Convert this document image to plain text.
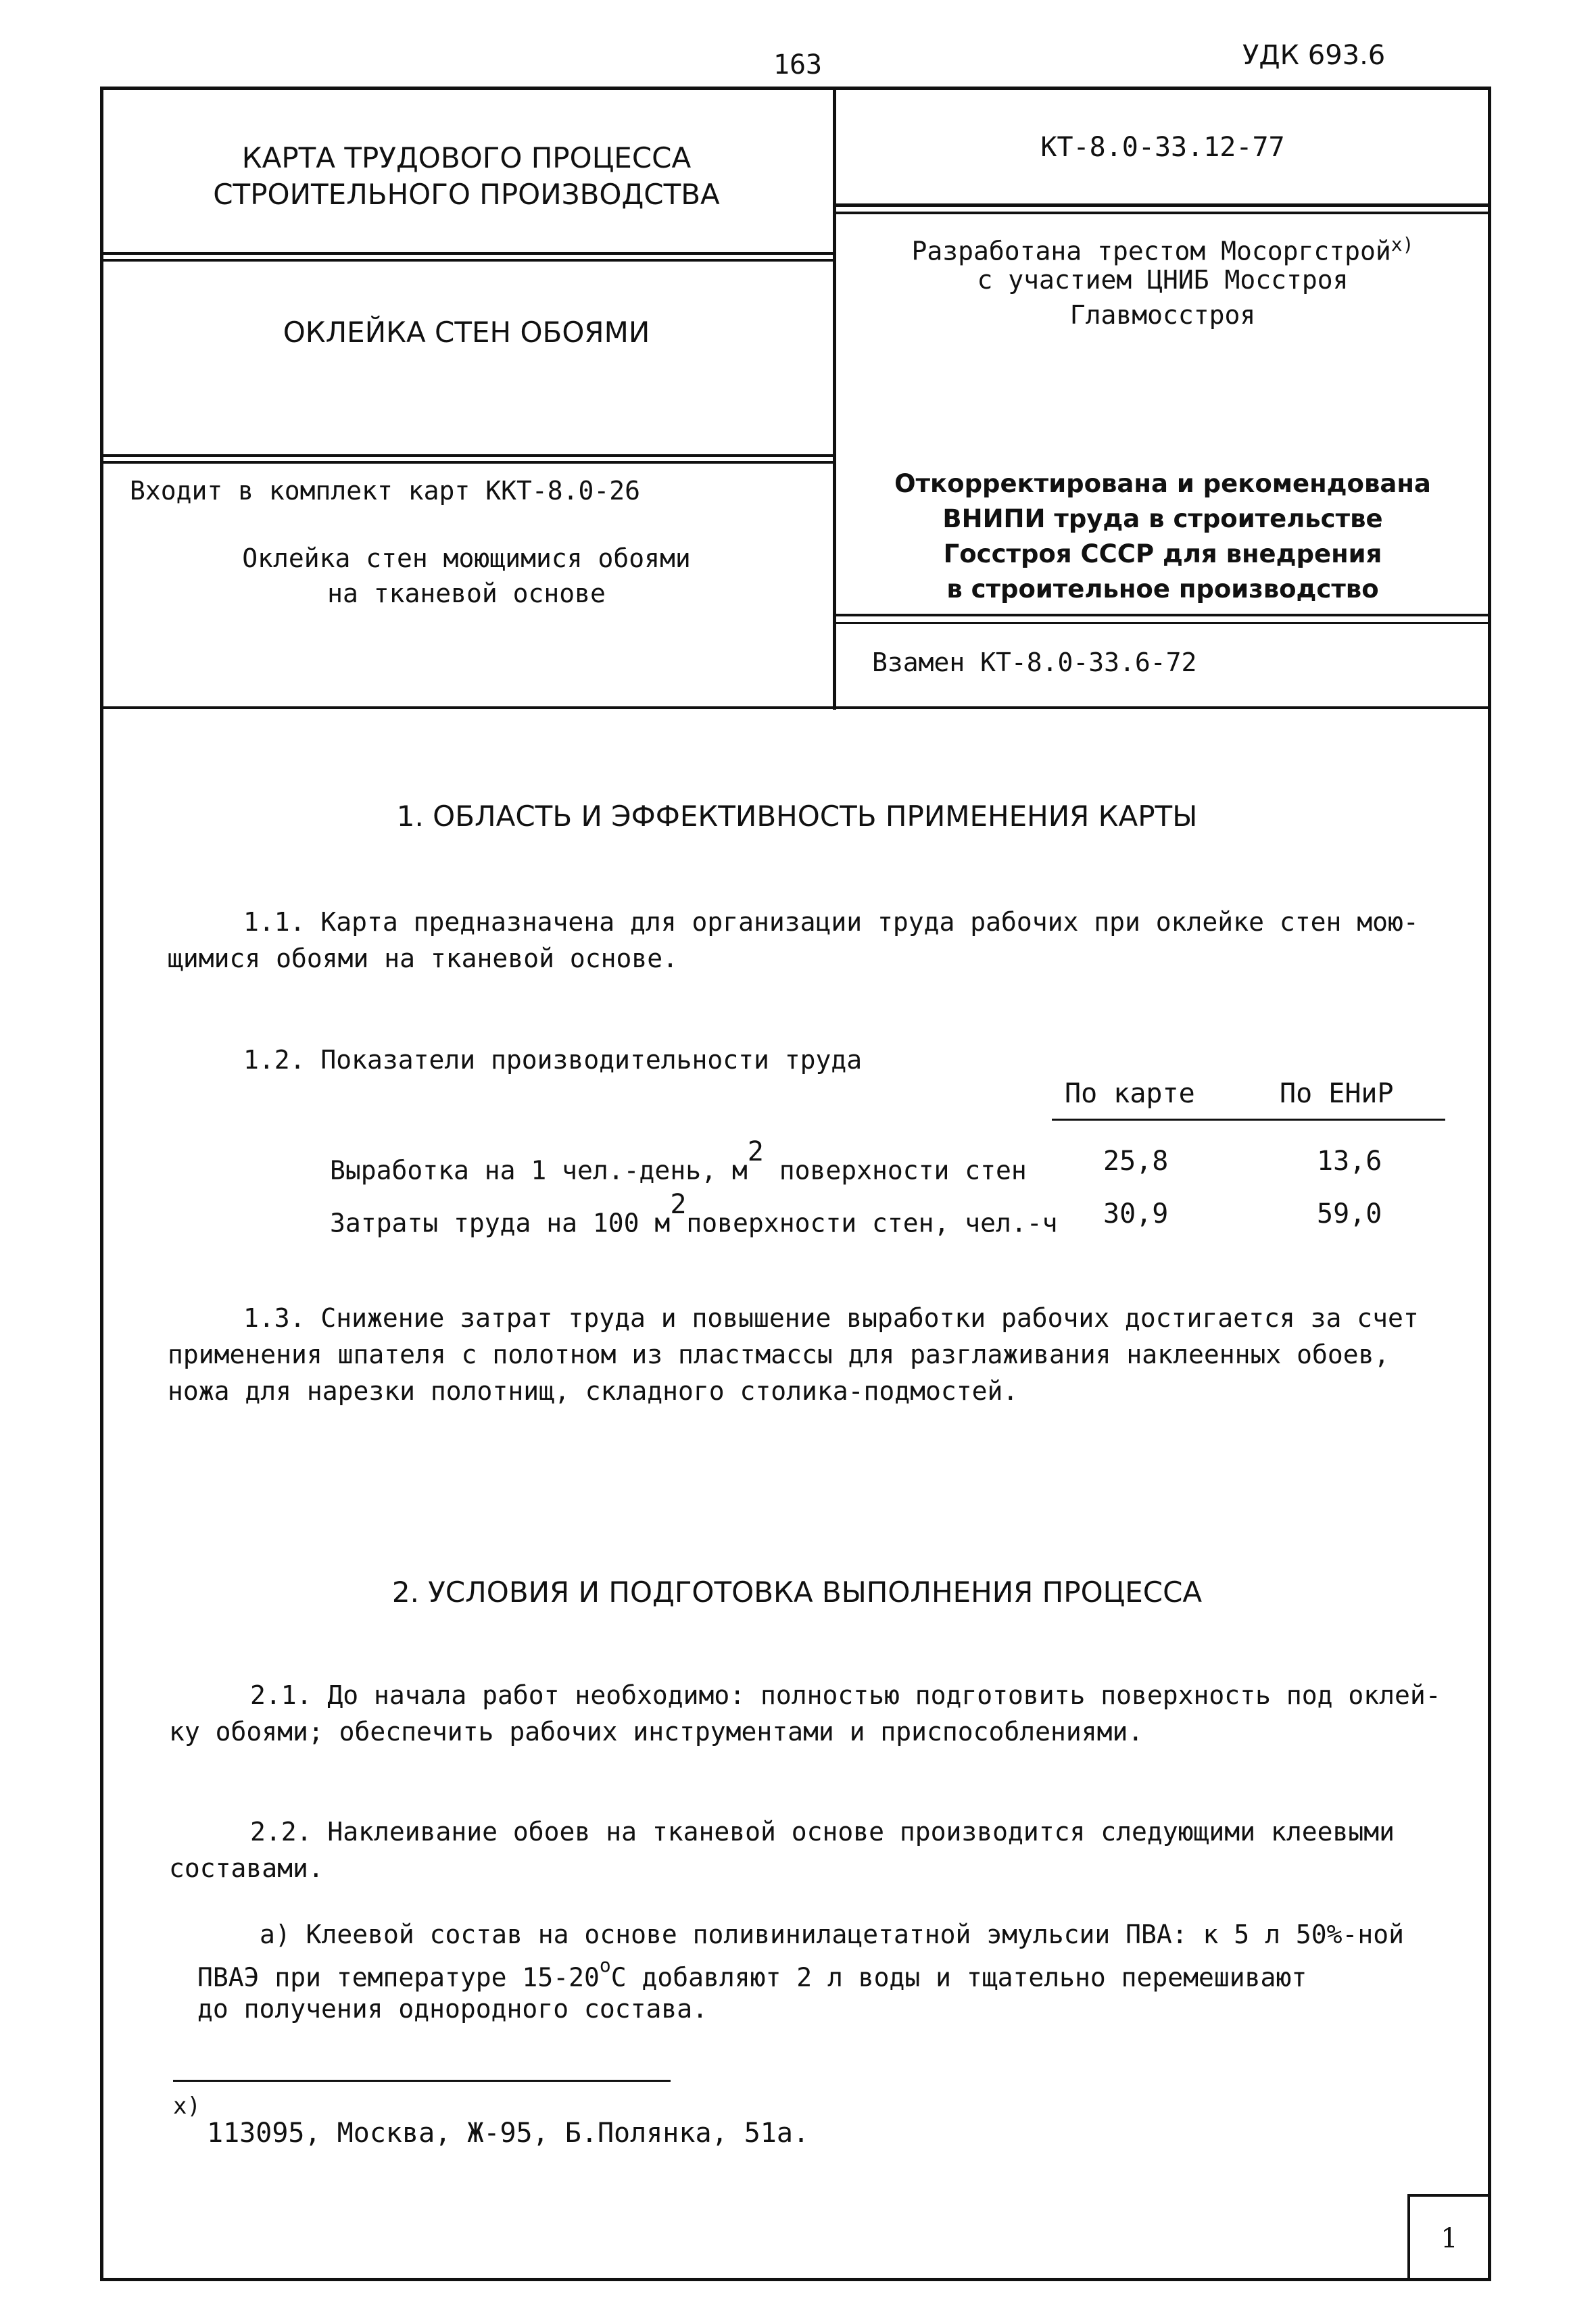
163	УДК 693.6
КАРТА ТРУДОВОГО ПРОЦЕССА
СТРОИТЕЛЬНОГО ПРОИЗВОДСТВА
ОКЛЕЙКА СТЕН ОБОЯМИ
Входит в комплект карт ККТ-8.0-26
Оклейка стен моющимися обоями
на тканевой основе
КТ-8.0-33.12-77
Разработана трестом Мосоргстрой$^{x)}$
с участием ЦНИБ Мосстроя
Главмосстроя
Откорректирована и рекомендована
ВНИПИ труда в строительстве
Госстроя СССР для внедрения
в строительное производство
Взамен КТ-8.0-33.6-72
1. ОБЛАСТЬ И ЭФФЕКТИВНОСТЬ ПРИМЕНЕНИЯ КАРТЫ
1.1. Карта предназначена для организации труда рабочих при оклейке стен мою-
щимися обоями на тканевой основе.
1.2. Показатели производительности труда
По карте	По ЕНиР
Выработка на 1 чел.-день, $м^2$ поверхности стен	25,8	13,6
Затраты труда на 100 $м^2поверхности$ стен, чел.-ч 30,9	59,0
1.3. Снижение затрат труда и повышение выработки рабочих достигается за счет
применения шпателя с полотном из пластмассы для разглаживания наклеенных обоев,
ножа для нарезки полотнищ, складного столика-подмостей.
2. УСЛОВИЯ И ПОДГОТОВКА ВЫПОЛНЕНИЯ ПРОЦЕССА
2.1. До начала работ необходимо: полностью подготовить поверхность под оклей-
ку обоями; обеспечить рабочих инструментами и приспособлениями.
2.2. Наклеивание обоев на тканевой основе производится следующими клеевыми
составами.
а) Клеевой состав на основе поливинилацетатной эмульсии ПВА: к 5 л 50%-ной
ПВАЭ при температуре 15-20$^o$С добавляют 2 л воды и тщательно перемешивают
до получения однородного состава.
x)
113095, Москва, Ж-95, Б.Полянка, 51а.
1
